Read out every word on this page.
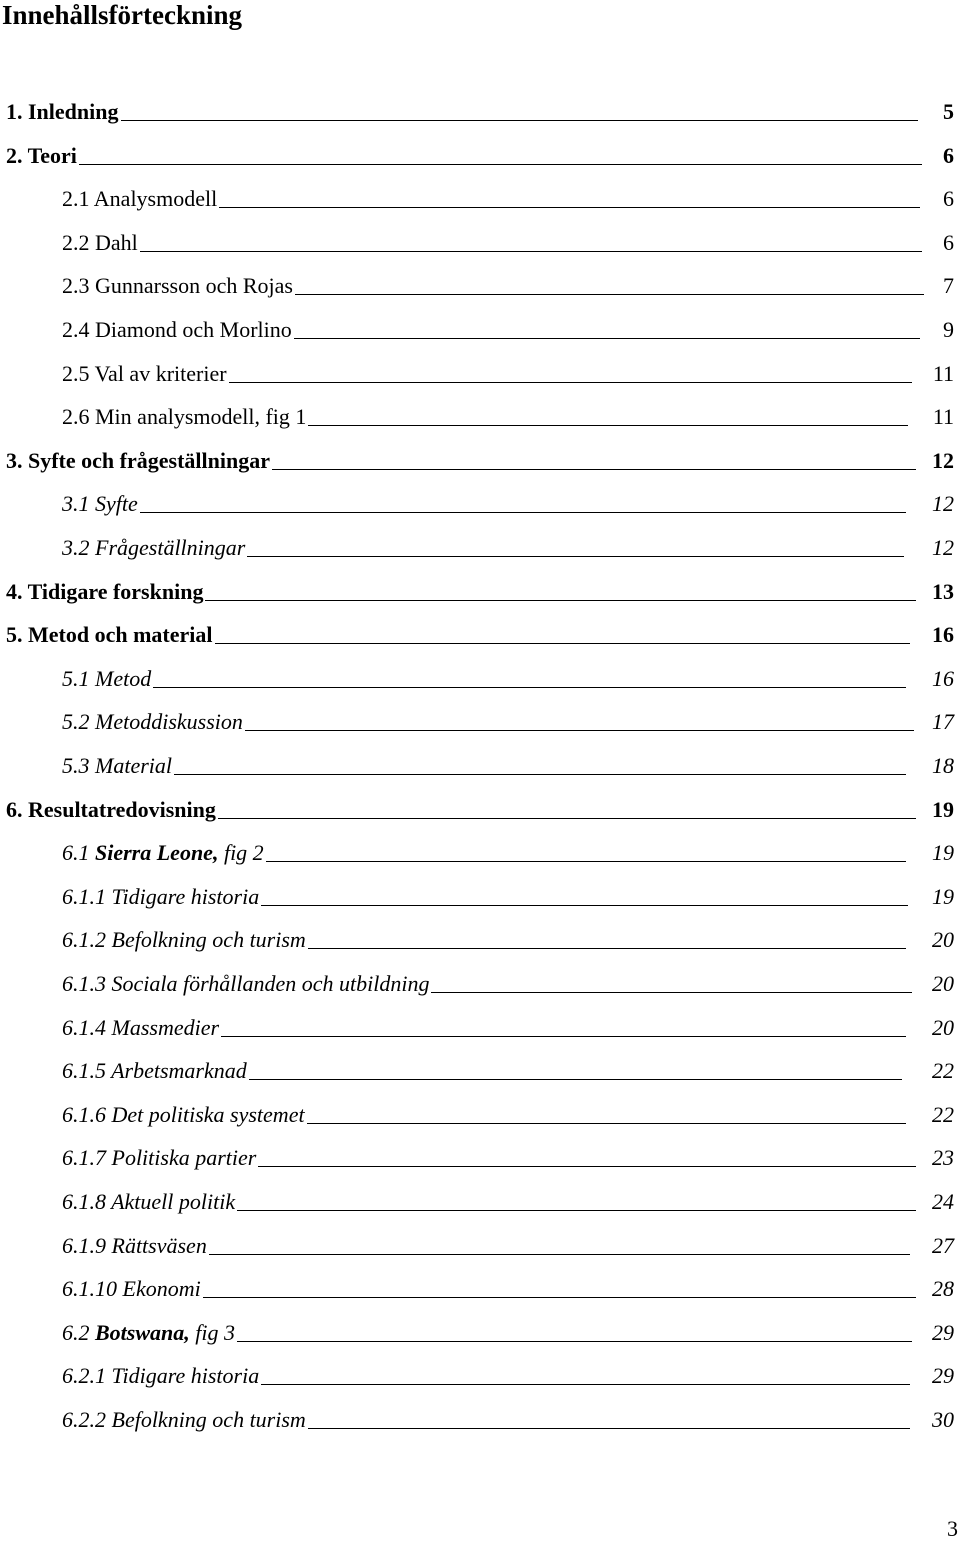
Innehållsförteckning
1. Inledning	5
2. Teori	6
2.1 Analysmodell	6
2.2 Dahl	6
2.3 Gunnarsson och Rojas	7
2.4 Diamond och Morlino	9
2.5 Val av kriterier	11
2.6 Min analysmodell, fig 1	11
3. Syfte och frågeställningar	12
3.1 Syfte	12
3.2 Frågeställningar	12
4. Tidigare forskning	13
5. Metod och material	16
5.1 Metod	16
5.2 Metoddiskussion	17
5.3 Material	18
6. Resultatredovisning	19
6.1 Sierra Leone, fig 2	19
6.1.1 Tidigare historia	19
6.1.2 Befolkning och turism	20
6.1.3 Sociala förhållanden och utbildning	20
6.1.4 Massmedier	20
6.1.5 Arbetsmarknad	22
6.1.6 Det politiska systemet	22
6.1.7 Politiska partier	23
6.1.8 Aktuell politik	24
6.1.9 Rättsväsen	27
6.1.10 Ekonomi	28
6.2 Botswana, fig 3	29
6.2.1 Tidigare historia	29
6.2.2 Befolkning och turism	30
3
